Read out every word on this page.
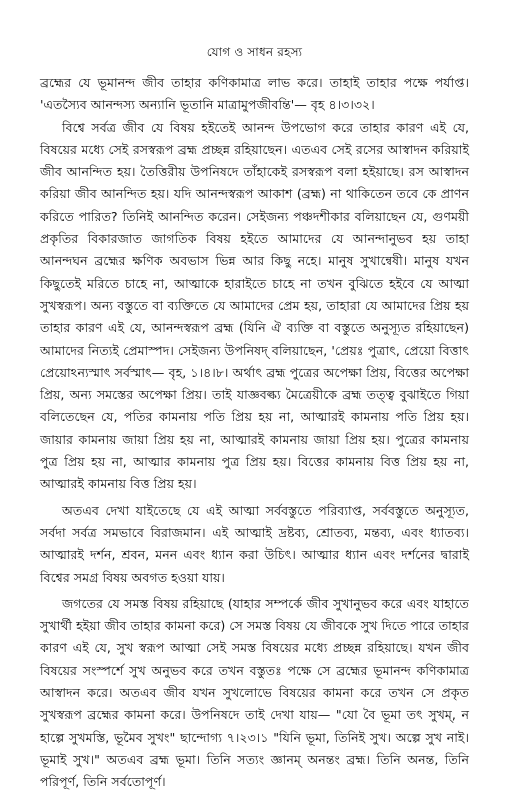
যোগ ও সাধন রহস্য

ব্রহ্মের যে ভূমানন্দ জীব তাহার কণিকামাত্র লাভ করে। তাহাই তাহার পক্ষে পর্যাপ্ত। 'এতস্যৈব আনন্দস্য অন্যানি ভূতানি মাত্রামুপজীবন্তি'— বৃহ ৪।৩।৩২।

বিশ্বে সর্বত্র জীব যে বিষয় হইতেই আনন্দ উপভোগ করে তাহার কারণ এই যে, বিষয়ের মধ্যে সেই রসস্বরূপ ব্রহ্ম প্রচ্ছন্ন রহিয়াছেন। এতএব সেই রসের আস্বাদন করিয়াই জীব আনন্দিত হয়। তৈত্তিরীয় উপনিষদে তাঁহাকেই রসস্বরূপ বলা হইয়াছে। রস আস্বাদন করিয়া জীব আনন্দিত হয়। যদি আনন্দস্বরূপ আকাশ (ব্রহ্ম) না থাকিতেন তবে কে প্রাণন করিতে পারিত? তিনিই আনন্দিত করেন। সেইজন্য পঞ্চদশীকার বলিয়াছেন যে, গুণময়ী প্রকৃতির বিকারজাত জাগতিক বিষয় হইতে আমাদের যে আনন্দানুভব হয় তাহা আনন্দঘন ব্রহ্মের ক্ষণিক অবভাস ভিন্ন আর কিছু নহে। মানুষ সুখান্বেষী। মানুষ যখন কিছুতেই মরিতে চাহে না, আত্মাকে হারাইতে চাহে না তখন বুঝিতে হইবে যে আত্মা সুখস্বরূপ। অন্য বস্তুতে বা ব্যক্তিতে যে আমাদের প্রেম হয়, তাহারা যে আমাদের প্রিয় হয় তাহার কারণ এই যে, আনন্দস্বরূপ ব্রহ্ম (যিনি ঐ ব্যক্তি বা বস্তুতে অনুস্যূত রহিয়াছেন) আমাদের নিত্যই প্রেমাস্পদ। সেইজন্য উপনিষদ্ বলিয়াছেন, 'প্রেয়ঃ পুত্রাৎ, প্রেয়ো বিত্তাৎ প্রেয়োঽন্যস্মাৎ সর্বস্মাৎ— বৃহ, ১।৪।৮। অর্থাৎ ব্রহ্ম পুত্রের অপেক্ষা প্রিয়, বিত্তের অপেক্ষা প্রিয়, অন্য সমস্তের অপেক্ষা প্রিয়। তাই যাজ্ঞবল্ক্য মৈত্রেয়ীকে ব্রহ্ম তত্ত্ব বুঝাইতে গিয়া বলিতেছেন যে, পতির কামনায় পতি প্রিয় হয় না, আত্মারই কামনায় পতি প্রিয় হয়। জায়ার কামনায় জায়া প্রিয় হয় না, আত্মারই কামনায় জায়া প্রিয় হয়। পুত্রের কামনায় পুত্র প্রিয় হয় না, আত্মার কামনায় পুত্র প্রিয় হয়। বিত্তের কামনায় বিত্ত প্রিয় হয় না, আত্মারই কামনায় বিত্ত প্রিয় হয়।

অতএব দেখা যাইতেছে যে এই আত্মা সর্ববস্তুতে পরিব্যাপ্ত, সর্ববস্তুতে অনুস্যূত, সর্বদা সর্বত্র সমভাবে বিরাজমান। এই আত্মাই দ্রষ্টব্য, শ্রোতব্য, মন্তব্য, এবং ধ্যাতব্য। আত্মারই দর্শন, শ্রবন, মনন এবং ধ্যান করা উচিৎ। আত্মার ধ্যান এবং দর্শনের দ্বারাই বিশ্বের সমগ্র বিষয় অবগত হওয়া যায়।

জগতের যে সমস্ত বিষয় রহিয়াছে (যাহার সম্পর্কে জীব সুখানুভব করে এবং যাহাতে সুখার্থী হইয়া জীব তাহার কামনা করে) সে সমস্ত বিষয় যে জীবকে সুখ দিতে পারে তাহার কারণ এই যে, সুখ স্বরূপ আত্মা সেই সমস্ত বিষয়ের মধ্যে প্রচ্ছন্ন রহিয়াছে। যখন জীব বিষয়ের সংস্পর্শে সুখ অনুভব করে তখন বস্তুতঃ পক্ষে সে ব্রহ্মের ভূমানন্দ কণিকামাত্র আস্বাদন করে। অতএব জীব যখন সুখলোভে বিষয়ের কামনা করে তখন সে প্রকৃত সুখস্বরূপ ব্রহ্মের কামনা করে। উপনিষদে তাই দেখা যায়— "যো বৈ ভূমা তৎ সুখম্, ন হাল্পে সুখমস্তি, ভূমৈব সুখং" ছান্দোগ্য ৭।২৩।১ "যিনি ভূমা, তিনিই সুখ। অল্পে সুখ নাই। ভূমাই সুখ।" অতএব ব্রহ্ম ভূমা। তিনি সত্যং জ্ঞানম্ অনন্তং ব্রহ্ম। তিনি অনন্ত, তিনি পরিপূর্ণ, তিনি সর্বতোপূর্ণ।
